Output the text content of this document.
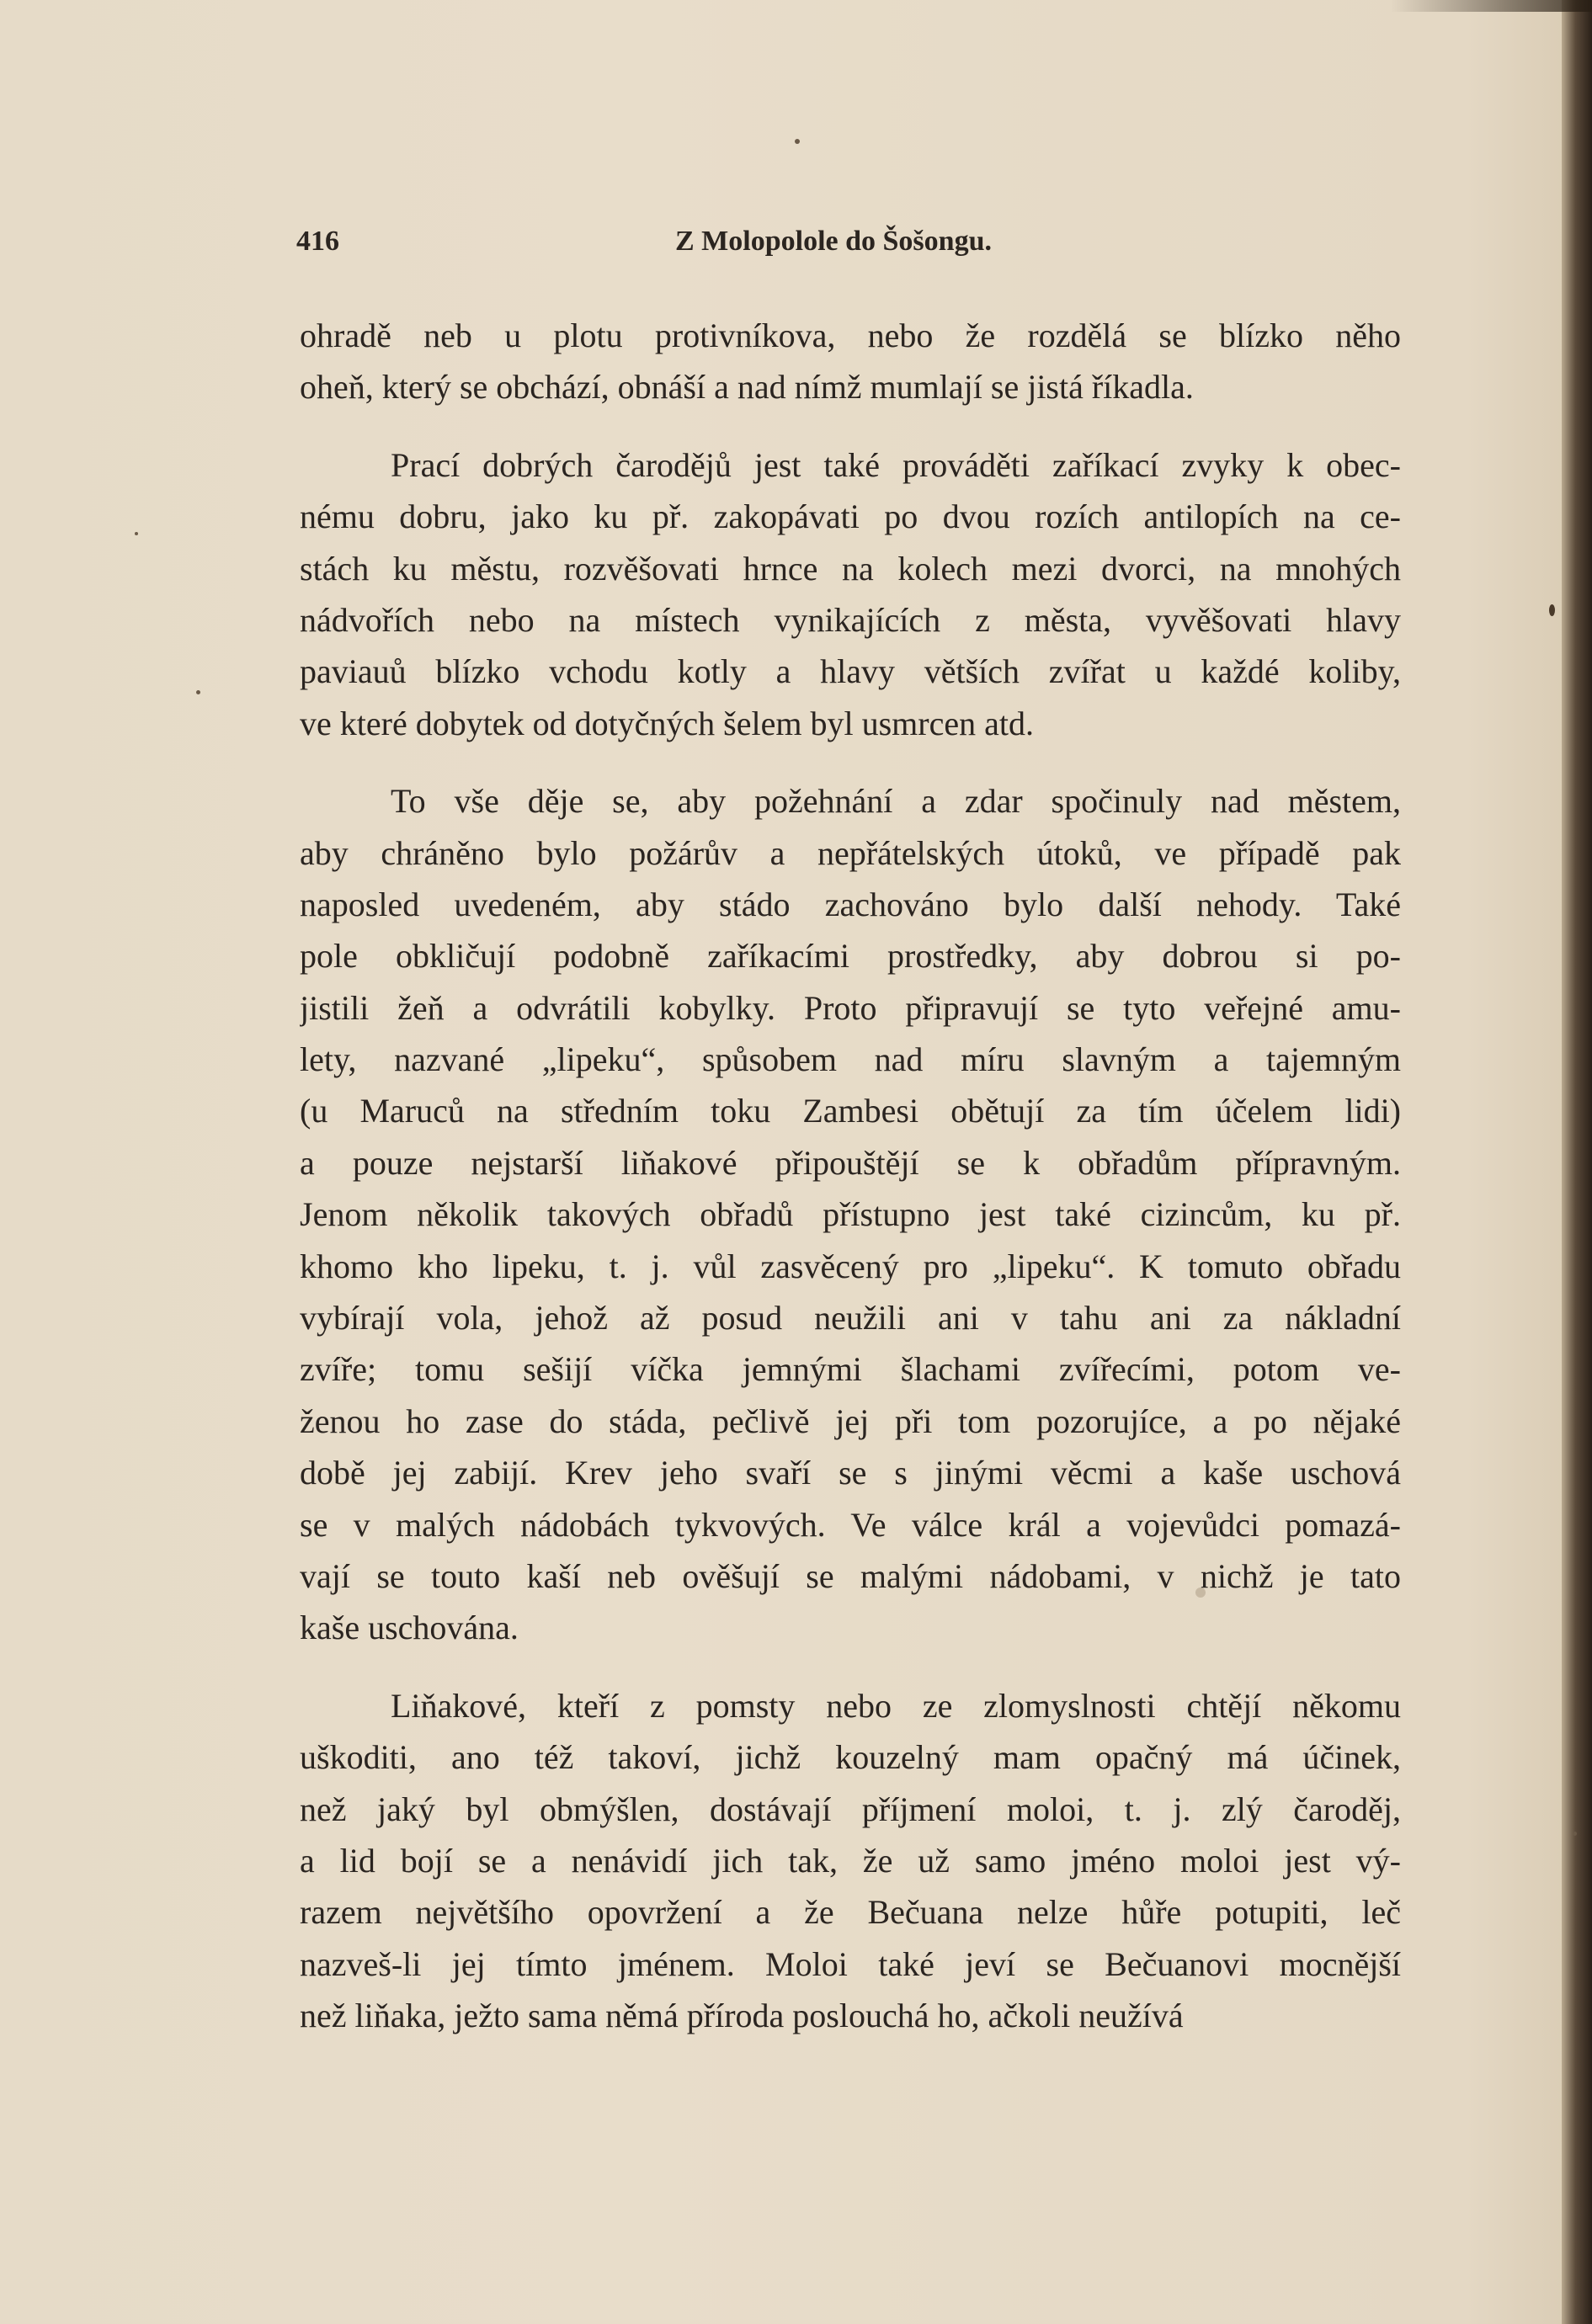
416	Z Molopolole do Šošongu.
ohradě neb u plotu protivníkova, nebo že rozdělá se blízko něho
oheň, který se obchází, obnáší a nad nímž mumlají se jistá říkadla.
Prací dobrých čarodějů jest také prováděti zaříkací zvyky k obec-
nému dobru, jako ku př. zakopávati po dvou rozích antilopích na ce-
stách ku městu, rozvěšovati hrnce na kolech mezi dvorci, na mnohých
nádvořích nebo na místech vynikajících z města, vyvěšovati hlavy
paviauů blízko vchodu kotly a hlavy větších zvířat u každé koliby,
ve které dobytek od dotyčných šelem byl usmrcen atd.
To vše děje se, aby požehnání a zdar spočinuly nad městem,
aby chráněno bylo požárův a nepřátelských útoků, ve případě pak
naposled uvedeném, aby stádo zachováno bylo další nehody. Také
pole obkličují podobně zaříkacími prostředky, aby dobrou si po-
jistili žeň a odvrátili kobylky. Proto připravují se tyto veřejné amu-
lety, nazvané „lipeku“, spůsobem nad míru slavným a tajemným
(u Maruců na středním toku Zambesi obětují za tím účelem lidi)
a pouze nejstarší liňakové připouštějí se k obřadům přípravným.
Jenom několik takových obřadů přístupno jest také cizincům, ku př.
khomo kho lipeku, t. j. vůl zasvěcený pro „lipeku“. K tomuto obřadu
vybírají vola, jehož až posud neužili ani v tahu ani za nákladní
zvíře; tomu sešijí víčka jemnými šlachami zvířecími, potom ve-
ženou ho zase do stáda, pečlivě jej při tom pozorujíce, a po nějaké
době jej zabijí. Krev jeho svaří se s jinými věcmi a kaše uschová
se v malých nádobách tykvových. Ve válce král a vojevůdci pomazá-
vají se touto kaší neb ověšují se malými nádobami, v nichž je tato
kaše uschována.
Liňakové, kteří z pomsty nebo ze zlomyslnosti chtějí někomu
uškoditi, ano též takoví, jichž kouzelný mam opačný má účinek,
než jaký byl obmýšlen, dostávají příjmení moloi, t. j. zlý čaroděj,
a lid bojí se a nenávidí jich tak, že už samo jméno moloi jest vý-
razem největšího opovržení a že Bečuana nelze hůře potupiti, leč
nazveš-li jej tímto jménem. Moloi také jeví se Bečuanovi mocnější
než liňaka, ježto sama němá příroda poslouchá ho, ačkoli neužívá
